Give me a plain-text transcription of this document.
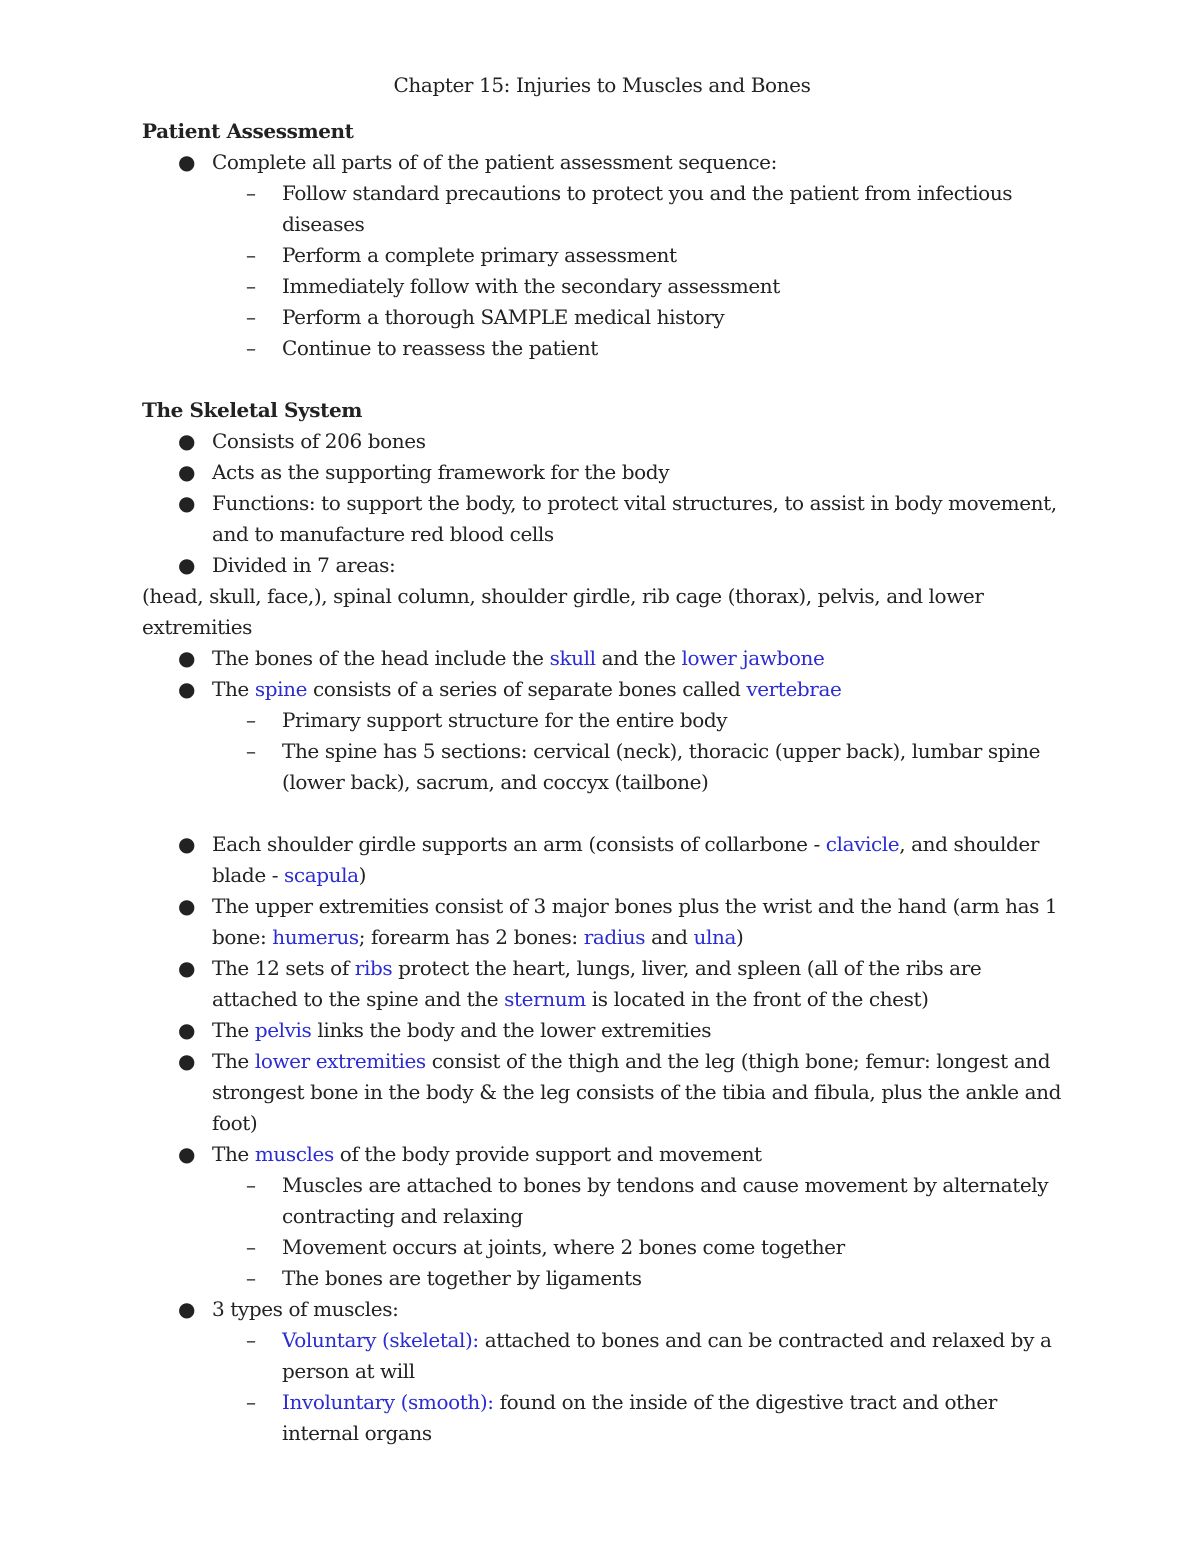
Chapter 15: Injuries to Muscles and Bones
Patient Assessment
● Complete all parts of of the patient assessment sequence:
– Follow standard precautions to protect you and the patient from infectious diseases
– Perform a complete primary assessment
– Immediately follow with the secondary assessment
– Perform a thorough SAMPLE medical history
– Continue to reassess the patient
The Skeletal System
● Consists of 206 bones
● Acts as the supporting framework for the body
● Functions: to support the body, to protect vital structures, to assist in body movement, and to manufacture red blood cells
● Divided in 7 areas:
(head, skull, face,), spinal column, shoulder girdle, rib cage (thorax), pelvis, and lower extremities
● The bones of the head include the skull and the lower jawbone
● The spine consists of a series of separate bones called vertebrae
– Primary support structure for the entire body
– The spine has 5 sections: cervical (neck), thoracic (upper back), lumbar spine (lower back), sacrum, and coccyx (tailbone)
● Each shoulder girdle supports an arm (consists of collarbone - clavicle, and shoulder blade - scapula)
● The upper extremities consist of 3 major bones plus the wrist and the hand (arm has 1 bone: humerus; forearm has 2 bones: radius and ulna)
● The 12 sets of ribs protect the heart, lungs, liver, and spleen (all of the ribs are attached to the spine and the sternum is located in the front of the chest)
● The pelvis links the body and the lower extremities
● The lower extremities consist of the thigh and the leg (thigh bone; femur: longest and strongest bone in the body & the leg consists of the tibia and fibula, plus the ankle and foot)
● The muscles of the body provide support and movement
– Muscles are attached to bones by tendons and cause movement by alternately contracting and relaxing
– Movement occurs at joints, where 2 bones come together
– The bones are together by ligaments
● 3 types of muscles:
– Voluntary (skeletal): attached to bones and can be contracted and relaxed by a person at will
– Involuntary (smooth): found on the inside of the digestive tract and other internal organs
